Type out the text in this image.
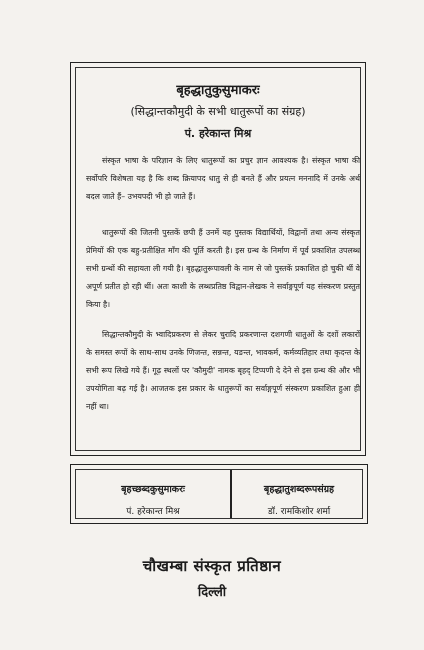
बृहद्धातुकुसुमाकरः
(सिद्धान्तकौमुदी के सभी धातुरूपों का संग्रह)
पं. हरेकान्त मिश्र

संस्कृत भाषा के परिज्ञान के लिए धातुरूपों का प्रचुर ज्ञान आवश्यक है। संस्कृत भाषा की सर्वोपरि विशेषता यह है कि शब्द क्रियापद धातु से ही बनते हैं और प्रयत्न मननादि में उनके अर्थ बदल जाते हैं– उभयपदी भी हो जाते हैं।

धातुरूपों की जितनी पुस्तकें छपी हैं उनमें यह पुस्तक विद्यार्थियों, विद्वानों तथा अन्य संस्कृत प्रेमियों की एक बहु-प्रतीक्षित माँग की पूर्ति करती है। इस ग्रन्थ के निर्माण में पूर्व प्रकाशित उपलब्ध सभी ग्रन्थों की सहायता ली गयी है। बृहद्धातुरूपावली के नाम से जो पुस्तकें प्रकाशित हो चुकी थीं वे अपूर्ण प्रतीत हो रही थीं। अतः काशी के लब्धप्रतिष्ठ विद्वान-लेखक ने सर्वाङ्गपूर्ण यह संस्करण प्रस्तुत किया है।

सिद्धान्तकौमुदी के भ्वादिप्रकरण से लेकर चुरादि प्रकरणान्त दशगणी धातुओं के दशों लकारों के समस्त रूपों के साथ-साथ उनके णिजन्त, सन्नन्त, यङन्त, भावकर्म, कर्मव्यतिहार तथा कृदन्त के सभी रूप लिखे गये हैं। गूढ़ स्थलों पर 'कौमुदी' नामक बृहद् टिप्पणी दे देने से इस ग्रन्थ की और भी उपयोगिता बढ़ गई है। आजतक इस प्रकार के धातुरूपों का सर्वाङ्गपूर्ण संस्करण प्रकाशित हुआ ही नहीं था।

बृहच्छब्दकुसुमाकरः
पं. हरेकान्त मिश्र
बृहद्धातुशब्दरूपसंग्रह
डॉ. रामकिशोर शर्मा
चौखम्बा संस्कृत प्रतिष्ठान
दिल्ली
